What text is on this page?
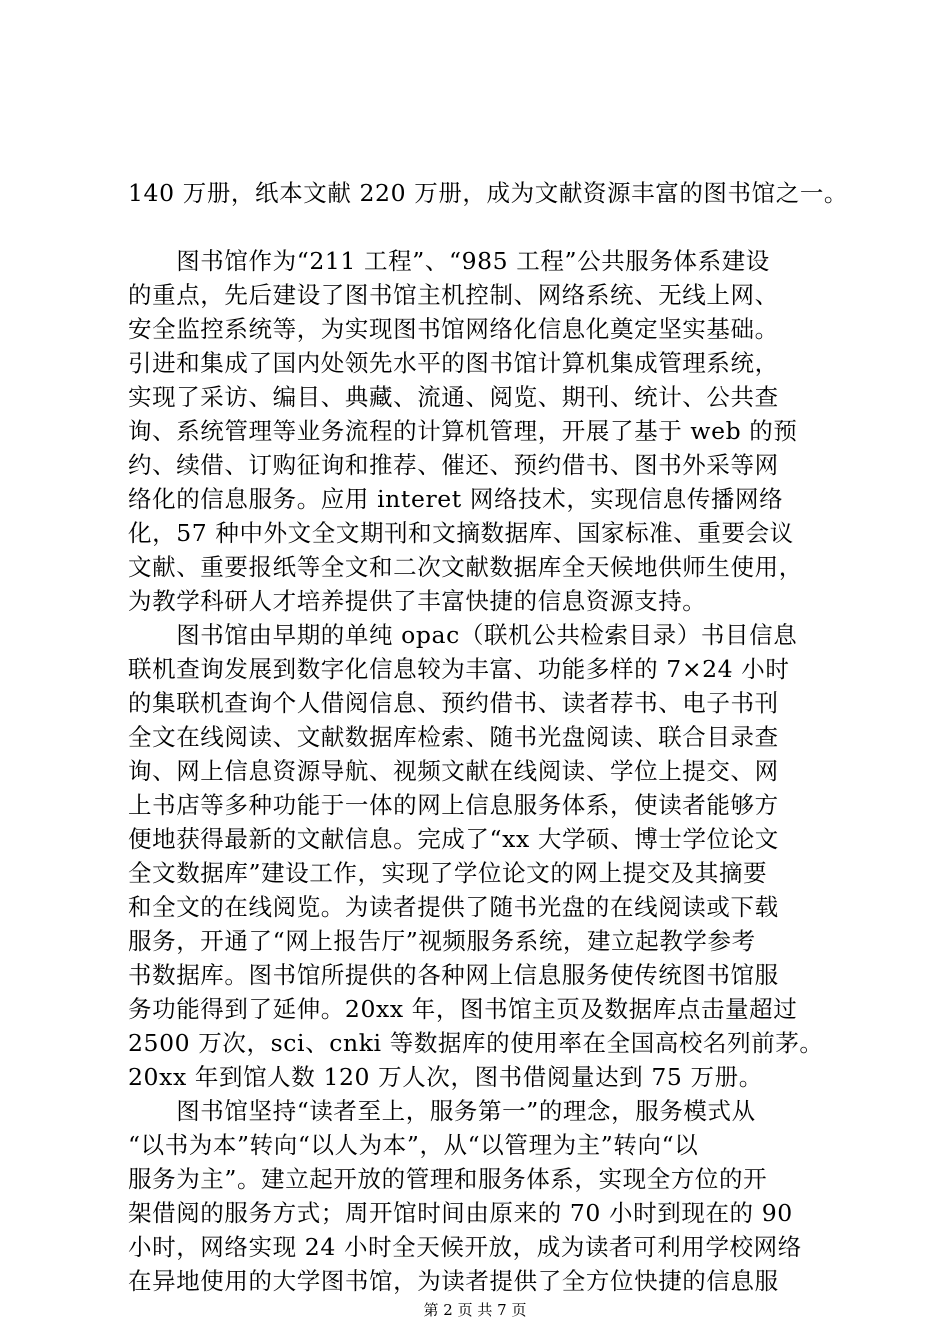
140 万册，纸本文献 220 万册，成为文献资源丰富的图书馆之一。
　　图书馆作为“211 工程”、“985 工程”公共服务体系建设
的重点，先后建设了图书馆主机控制、网络系统、无线上网、
安全监控系统等，为实现图书馆网络化信息化奠定坚实基础。
引进和集成了国内处领先水平的图书馆计算机集成管理系统，
实现了采访、编目、典藏、流通、阅览、期刊、统计、公共查
询、系统管理等业务流程的计算机管理，开展了基于 web 的预
约、续借、订购征询和推荐、催还、预约借书、图书外采等网
络化的信息服务。应用 interet 网络技术，实现信息传播网络
化，57 种中外文全文期刊和文摘数据库、国家标准、重要会议
文献、重要报纸等全文和二次文献数据库全天候地供师生使用，
为教学科研人才培养提供了丰富快捷的信息资源支持。
　　图书馆由早期的单纯 opac（联机公共检索目录）书目信息
联机查询发展到数字化信息较为丰富、功能多样的 7×24 小时
的集联机查询个人借阅信息、预约借书、读者荐书、电子书刊
全文在线阅读、文献数据库检索、随书光盘阅读、联合目录查
询、网上信息资源导航、视频文献在线阅读、学位上提交、网
上书店等多种功能于一体的网上信息服务体系，使读者能够方
便地获得最新的文献信息。完成了“xx 大学硕、博士学位论文
全文数据库”建设工作，实现了学位论文的网上提交及其摘要
和全文的在线阅览。为读者提供了随书光盘的在线阅读或下载
服务，开通了“网上报告厅”视频服务系统，建立起教学参考
书数据库。图书馆所提供的各种网上信息服务使传统图书馆服
务功能得到了延伸。20xx 年，图书馆主页及数据库点击量超过
2500 万次，sci、cnki 等数据库的使用率在全国高校名列前茅。
20xx 年到馆人数 120 万人次，图书借阅量达到 75 万册。
　　图书馆坚持“读者至上，服务第一”的理念，服务模式从
“以书为本”转向“以人为本”，从“以管理为主”转向“以
服务为主”。建立起开放的管理和服务体系，实现全方位的开
架借阅的服务方式；周开馆时间由原来的 70 小时到现在的 90
小时，网络实现 24 小时全天候开放，成为读者可利用学校网络
在异地使用的大学图书馆，为读者提供了全方位快捷的信息服
第 2 页 共 7 页
